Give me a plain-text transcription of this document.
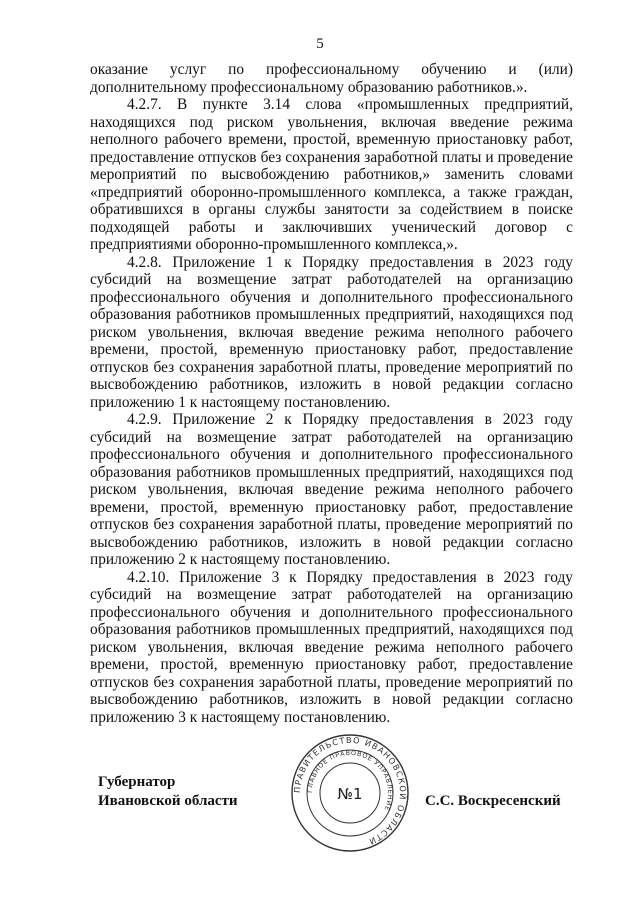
5

оказание услуг по профессиональному обучению и (или) дополнительному профессиональному образованию работников.».

4.2.7. В пункте 3.14 слова «промышленных предприятий, находящихся под риском увольнения, включая введение режима неполного рабочего времени, простой, временную приостановку работ, предоставление отпусков без сохранения заработной платы и проведение мероприятий по высвобождению работников,» заменить словами «предприятий оборонно-промышленного комплекса, а также граждан, обратившихся в органы службы занятости за содействием в поиске подходящей работы и заключивших ученический договор с предприятиями оборонно-промышленного комплекса,».

4.2.8. Приложение 1 к Порядку предоставления в 2023 году субсидий на возмещение затрат работодателей на организацию профессионального обучения и дополнительного профессионального образования работников промышленных предприятий, находящихся под риском увольнения, включая введение режима неполного рабочего времени, простой, временную приостановку работ, предоставление отпусков без сохранения заработной платы, проведение мероприятий по высвобождению работников, изложить в новой редакции согласно приложению 1 к настоящему постановлению.

4.2.9. Приложение 2 к Порядку предоставления в 2023 году субсидий на возмещение затрат работодателей на организацию профессионального обучения и дополнительного профессионального образования работников промышленных предприятий, находящихся под риском увольнения, включая введение режима неполного рабочего времени, простой, временную приостановку работ, предоставление отпусков без сохранения заработной платы, проведение мероприятий по высвобождению работников, изложить в новой редакции согласно приложению 2 к настоящему постановлению.

4.2.10. Приложение 3 к Порядку предоставления в 2023 году субсидий на возмещение затрат работодателей на организацию профессионального обучения и дополнительного профессионального образования работников промышленных предприятий, находящихся под риском увольнения, включая введение режима неполного рабочего времени, простой, временную приостановку работ, предоставление отпусков без сохранения заработной платы, проведение мероприятий по высвобождению работников, изложить в новой редакции согласно приложению 3 к настоящему постановлению.

Губернатор
Ивановской области
ПРАВИТЕЛЬСТВО ИВАНОВСКОЙ ОБЛАСТИ
ГЛАВНОЕ ПРАВОВОЕ УПРАВЛЕНИЕ
№1	С.С. Воскресенский
